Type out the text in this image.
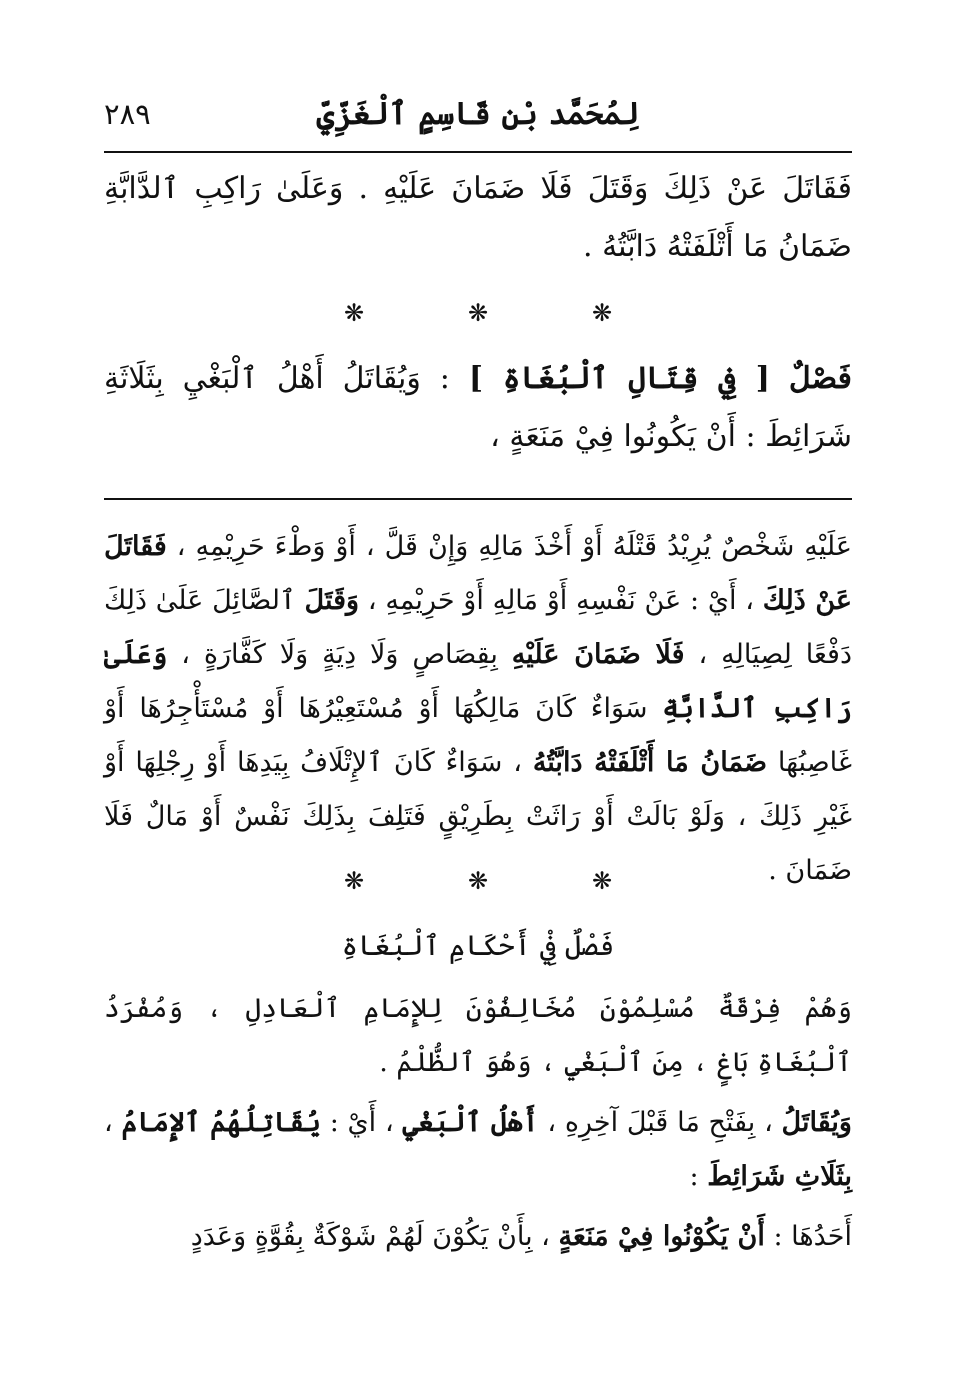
لِمُحَمَّد بْن قَاسِمٍ ٱلْغَزِّيِّ
٢٨٩

فَقَاتَلَ عَنْ ذَلِكَ وَقَتَلَ فَلَا ضَمَانَ عَلَيْهِ . وَعَلَىٰ رَاكِبِ ٱلدَّابَّةِ ضَمَانُ مَا أَتْلَفَتْهُ دَابَّتُهُ .

❋
❋
❋

فَصْلٌ [ فِي قِتَالِ ٱلْبُغَاةِ ] : وَيُقَاتَلُ أَهْلُ ٱلْبَغْيِ بِثَلَاثَةِ شَرَائِطَ : أَنْ يَكُونُوا فِيْ مَنَعَةٍ ،

عَلَيْهِ شَخْصٌ يُرِيْدُ قَتْلَهُ أَوْ أَخْذَ مَالِهِ وَإِنْ قَلَّ ، أَوْ وَطْءَ حَرِيْمِهِ ، فَقَاتَلَ عَنْ ذَلِكَ ، أَيْ : عَنْ نَفْسِهِ أَوْ مَالِهِ أَوْ حَرِيْمِهِ ، وَقَتَلَ ٱلصَّائِلَ عَلَىٰ ذَلِكَ دَفْعًا لِصِيَالِهِ ، فَلَا ضَمَانَ عَلَيْهِ بِقِصَاصٍ وَلَا دِيَةٍ وَلَا كَفَّارَةٍ ، وَعَلَىٰ رَاكِبِ ٱلدَّابَّةِ سَوَاءٌ كَانَ مَالِكُهَا أَوْ مُسْتَعِيْرُهَا أَوْ مُسْتَأْجِرُهَا أَوْ غَاصِبُهَا ضَمَانُ مَا أَتْلَفَتْهُ دَابَّتُهُ ، سَوَاءٌ كَانَ ٱلإِتْلَافُ بِيَدِهَا أَوْ رِجْلِهَا أَوْ غَيْرِ ذَلِكَ ، وَلَوْ بَالَتْ أَوْ رَاثَتْ بِطَرِيْقٍ فَتَلِفَ بِذَلِكَ نَفْسٌ أَوْ مَالٌ فَلَا ضَمَانَ .

❋
❋
❋
فَصْلٌ فِيْ أَحْكَامِ ٱلْبُغَاةِ

وَهُمْ فِرْقَةٌ مُسْلِمُوْنَ مُخَالِفُوْنَ لِلإِمَامِ ٱلْعَادِلِ ، وَمُفْرَدُ ٱلْبُغَاةِ بَاغٍ ، مِنَ ٱلْبَغْيِ ، وَهُوَ ٱلظُّلْمُ .

وَيُقَاتَلُ ، بِفَتْحِ مَا قَبْلَ آخِرِهِ ، أَهْلُ ٱلْبَغْيِ ، أَيْ : يُقَاتِلُهُمُ ٱلإِمَامُ ، بِثَلَاثِ شَرَائِطَ :

أَحَدُهَا : أَنْ يَكُوْنُوا فِيْ مَنَعَةٍ ، بِأَنْ يَكُوْنَ لَهُمْ شَوْكَةٌ بِقُوَّةٍ وَعَدَدٍ
